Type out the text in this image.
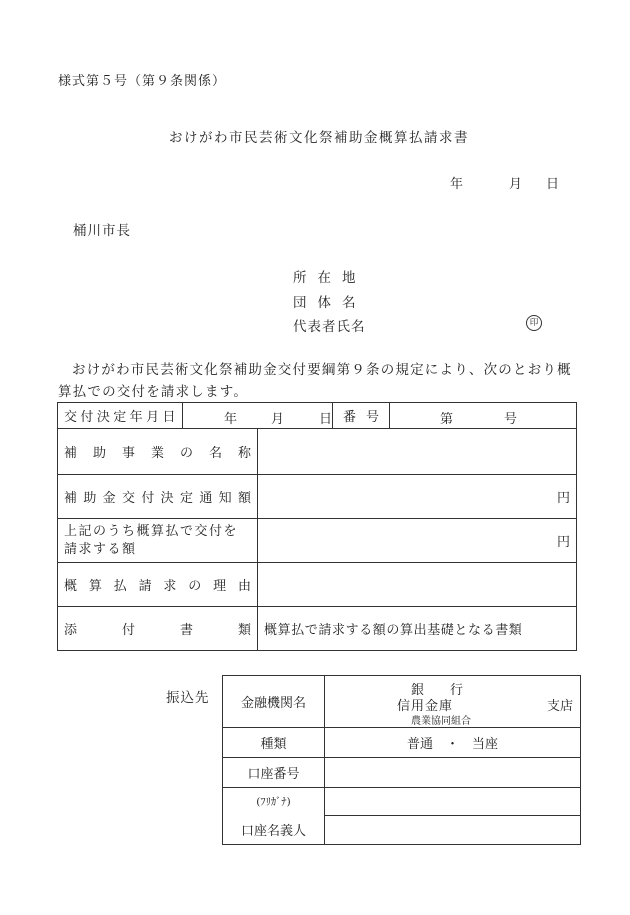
様式第５号（第９条関係）
おけがわ市民芸術文化祭補助金概算払請求書
年	月 日
桶川市長
所在地
団体名
代表者氏名	印
おけがわ市民芸術文化祭補助金交付要綱第９条の規定により、次のとおり概算払での交付を請求します。
交付決定年月日	年 月 日		番 号	第 号

補助事業の名称				

補助金交付決定通知額		円		

上記のうち概算払で交付を請求する額		円		

概算払請求の理由				

添付書類		概算払で請求する額の算出基礎となる書類		
振込先 金融機関名	銀　　行
信用金庫 支店
農業協同組合

種類	普通　・　当座
口座番号	
(ﾌﾘｶﾞﾅ)	
口座名義人	
